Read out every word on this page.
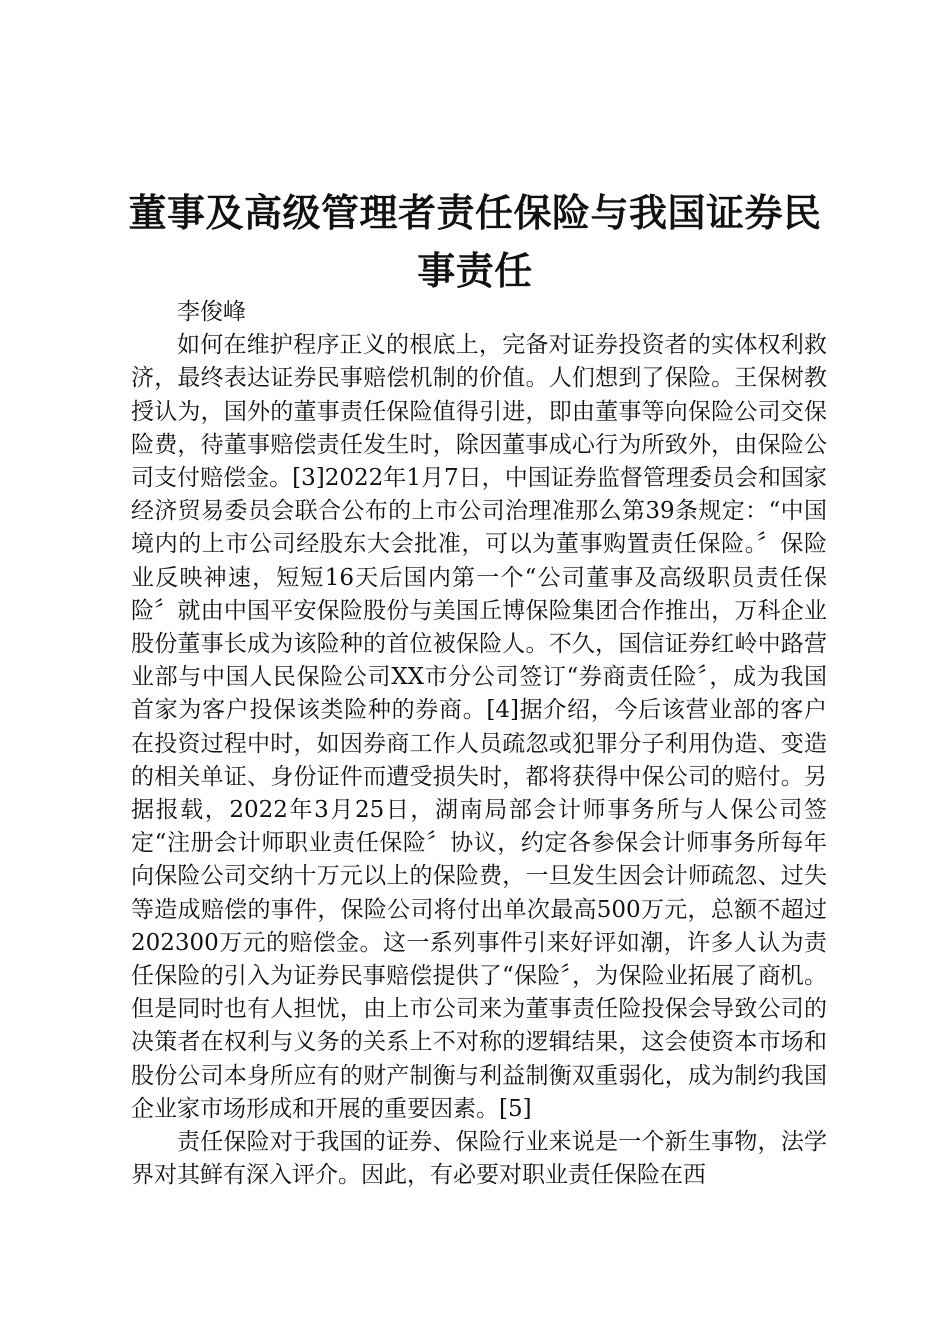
董事及高级管理者责任保险与我国证券民事责任

李俊峰

如何在维护程序正义的根底上，完备对证券投资者的实体权利救济，最终表达证券民事赔偿机制的价值。人们想到了保险。王保树教授认为，国外的董事责任保险值得引进，即由董事等向保险公司交保险费，待董事赔偿责任发生时，除因董事成心行为所致外，由保险公司支付赔偿金。[3]2022年1月7日，中国证券监督管理委员会和国家经济贸易委员会联合公布的上市公司治理准那么第39条规定：“中国境内的上市公司经股东大会批准，可以为董事购置责任保险。〞保险业反映神速，短短16天后国内第一个“公司董事及高级职员责任保险〞就由中国平安保险股份与美国丘博保险集团合作推出，万科企业股份董事长成为该险种的首位被保险人。不久，国信证券红岭中路营业部与中国人民保险公司XX市分公司签订“券商责任险〞，成为我国首家为客户投保该类险种的券商。[4]据介绍，今后该营业部的客户在投资过程中时，如因券商工作人员疏忽或犯罪分子利用伪造、变造的相关单证、身份证件而遭受损失时，都将获得中保公司的赔付。另据报载，2022年3月25日，湖南局部会计师事务所与人保公司签定“注册会计师职业责任保险〞协议，约定各参保会计师事务所每年向保险公司交纳十万元以上的保险费，一旦发生因会计师疏忽、过失等造成赔偿的事件，保险公司将付出单次最高500万元，总额不超过202300万元的赔偿金。这一系列事件引来好评如潮，许多人认为责任保险的引入为证券民事赔偿提供了“保险〞，为保险业拓展了商机。但是同时也有人担忧，由上市公司来为董事责任险投保会导致公司的决策者在权利与义务的关系上不对称的逻辑结果，这会使资本市场和股份公司本身所应有的财产制衡与利益制衡双重弱化，成为制约我国企业家市场形成和开展的重要因素。[5]

责任保险对于我国的证券、保险行业来说是一个新生事物，法学界对其鲜有深入评介。因此，有必要对职业责任保险在西
